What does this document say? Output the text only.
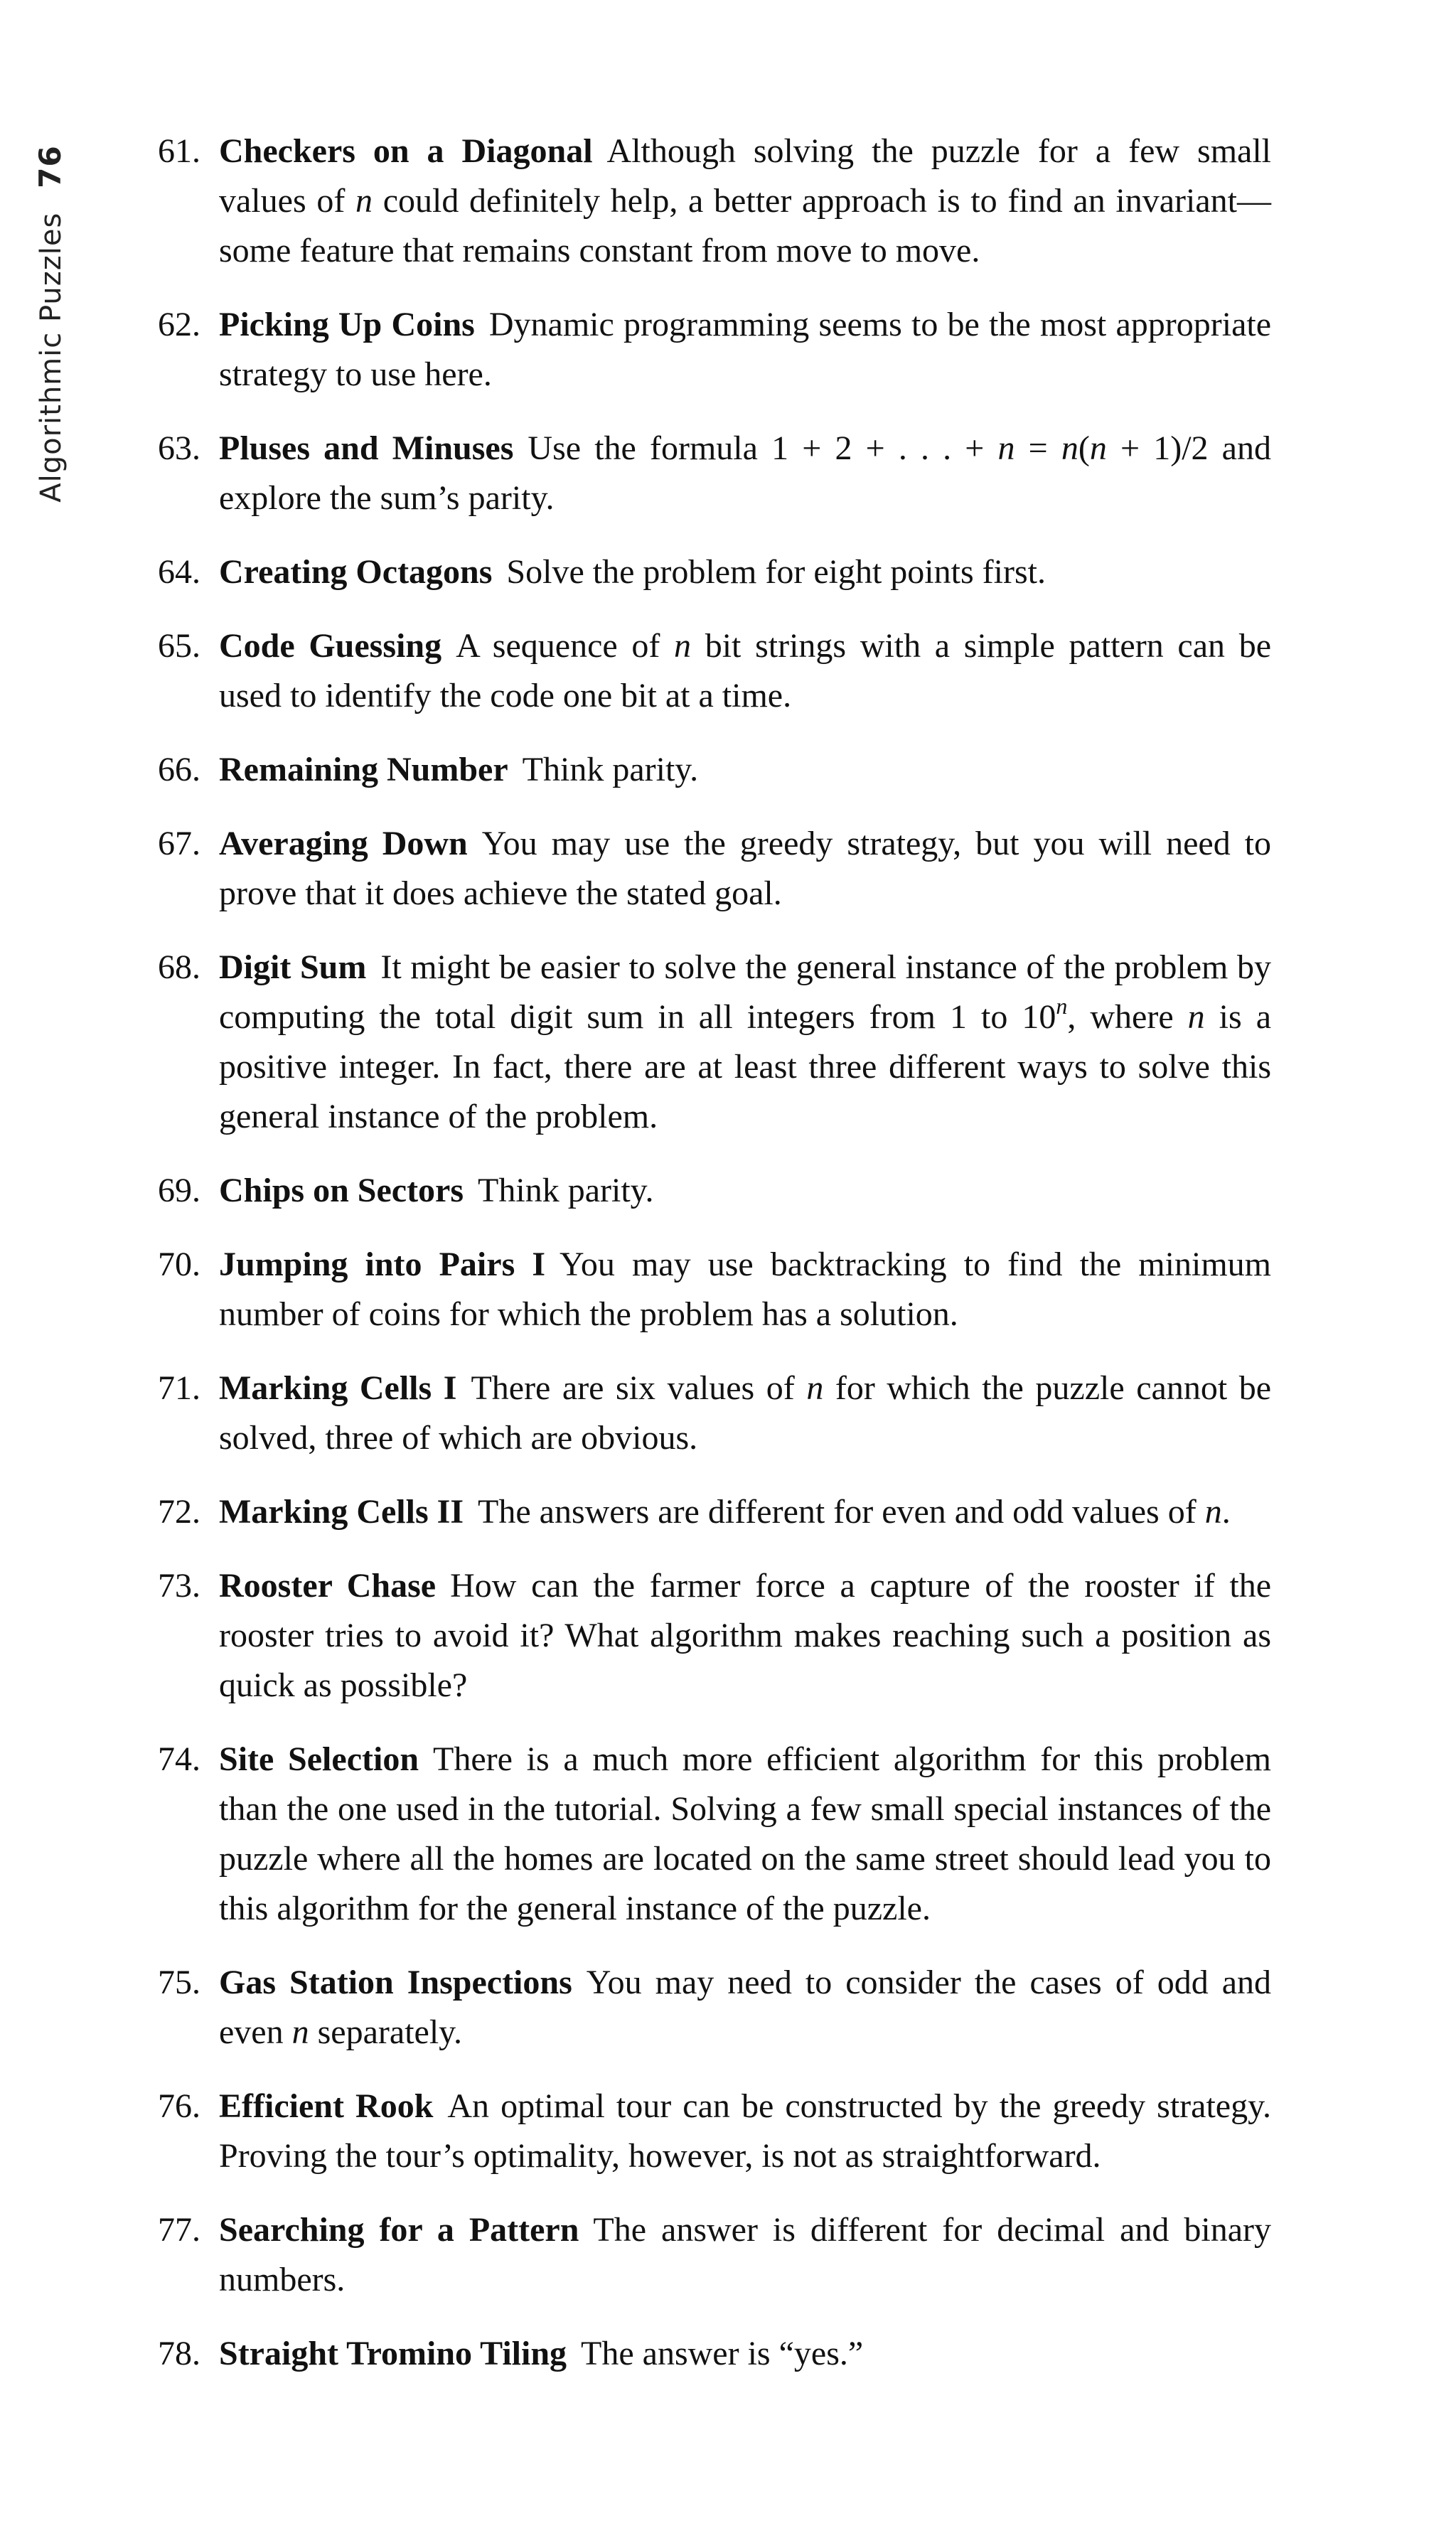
Algorithmic Puzzles
76	61. Checkers on a Diagonal Although solving the puzzle for a few small values of n could definitely help, a better approach is to find an invariant—some feature that remains constant from move to move.
62. Picking Up Coins Dynamic programming seems to be the most appropriate strategy to use here.
63. Pluses and Minuses Use the formula 1 + 2 + . . . + n = n(n + 1)/2 and explore the sum’s parity.
64. Creating Octagons Solve the problem for eight points first.
65. Code Guessing A sequence of n bit strings with a simple pattern can be used to identify the code one bit at a time.
66. Remaining Number Think parity.
67. Averaging Down You may use the greedy strategy, but you will need to prove that it does achieve the stated goal.
68. Digit Sum It might be easier to solve the general instance of the problem by computing the total digit sum in all integers from 1 to 10$^n$, where n is a positive integer. In fact, there are at least three different ways to solve this general instance of the problem.
69. Chips on Sectors Think parity.
70. Jumping into Pairs I You may use backtracking to find the minimum number of coins for which the problem has a solution.
71. Marking Cells I There are six values of n for which the puzzle cannot be solved, three of which are obvious.
72. Marking Cells II The answers are different for even and odd values of n.
73. Rooster Chase How can the farmer force a capture of the rooster if the rooster tries to avoid it? What algorithm makes reaching such a position as quick as possible?
74. Site Selection There is a much more efficient algorithm for this problem than the one used in the tutorial. Solving a few small special instances of the puzzle where all the homes are located on the same street should lead you to this algorithm for the general instance of the puzzle.
75. Gas Station Inspections You may need to consider the cases of odd and even n separately.
76. Efficient Rook An optimal tour can be constructed by the greedy strategy. Proving the tour’s optimality, however, is not as straightforward.
77. Searching for a Pattern The answer is different for decimal and binary numbers.
78. Straight Tromino Tiling The answer is “yes.”
